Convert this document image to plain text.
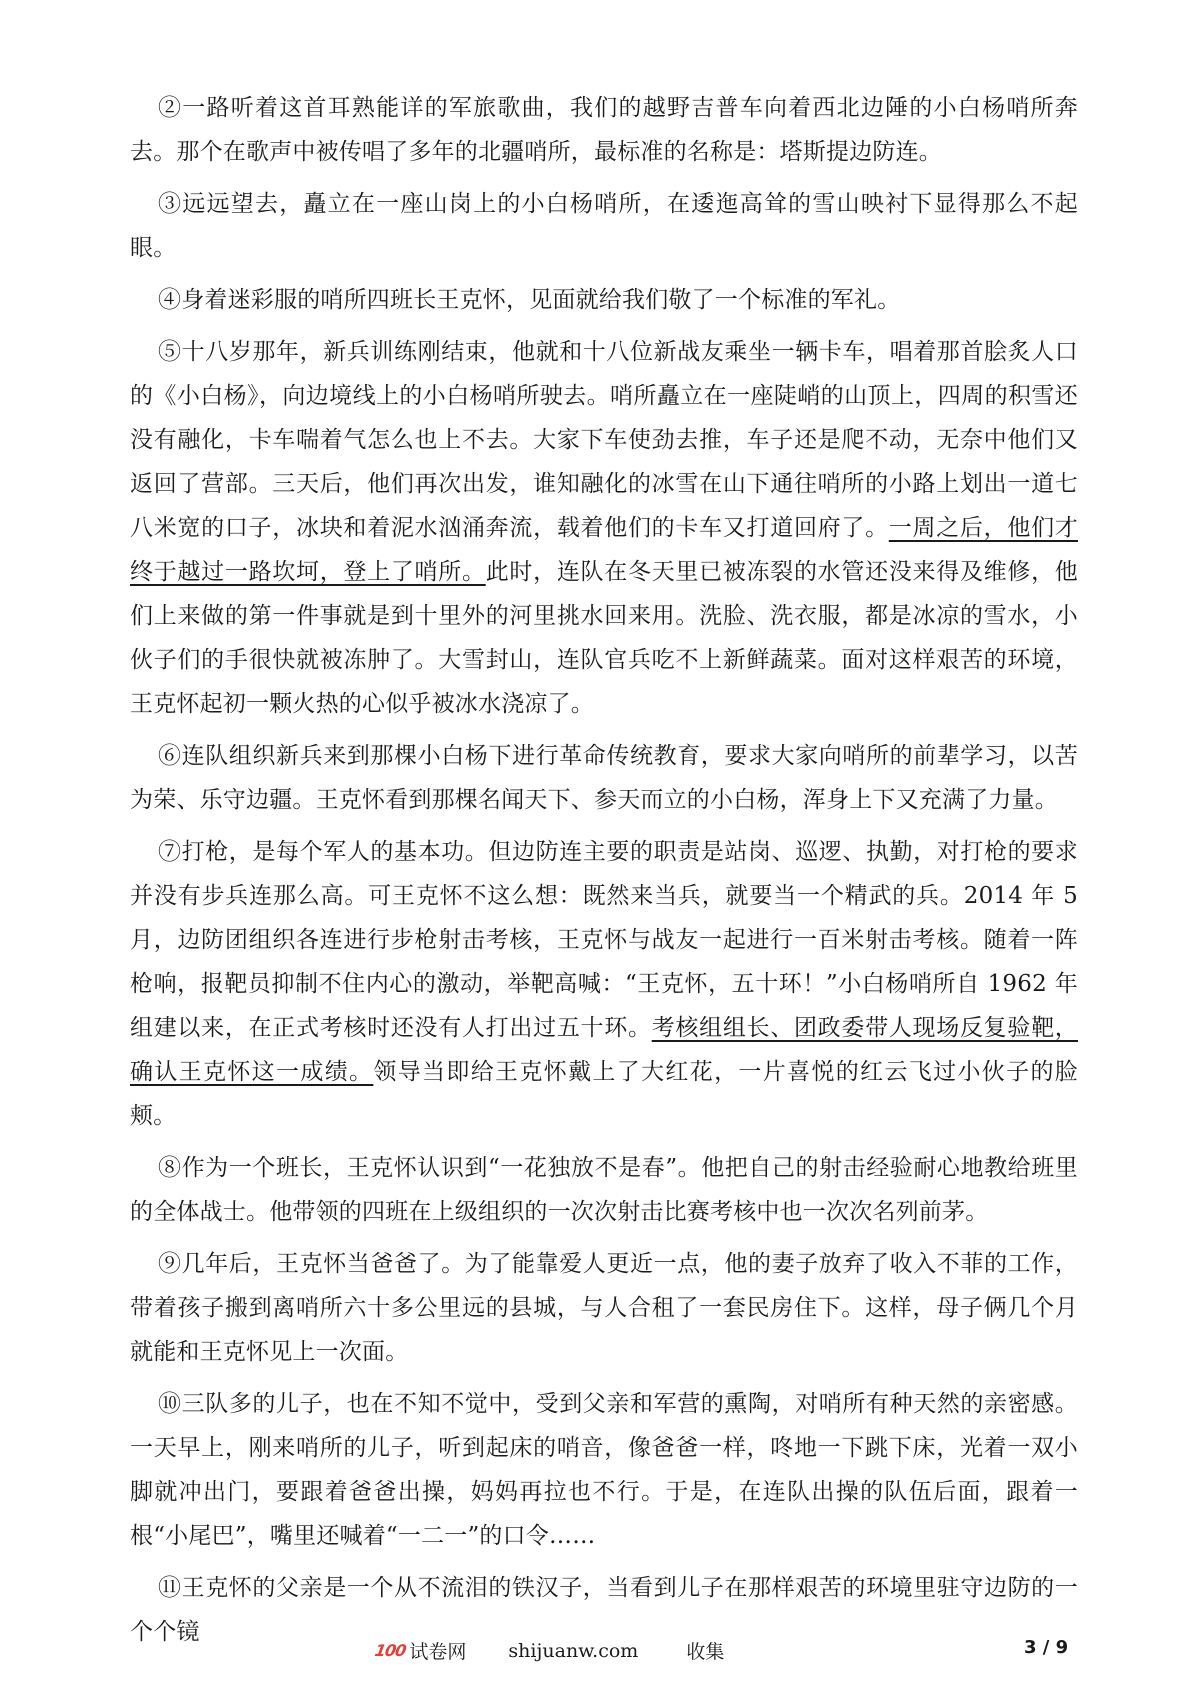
②一路听着这首耳熟能详的军旅歌曲，我们的越野吉普车向着西北边陲的小白杨哨所奔去。那个在歌声中被传唱了多年的北疆哨所，最标准的名称是：塔斯提边防连。

③远远望去，矗立在一座山岗上的小白杨哨所，在逶迤高耸的雪山映衬下显得那么不起眼。

④身着迷彩服的哨所四班长王克怀，见面就给我们敬了一个标准的军礼。

⑤十八岁那年，新兵训练刚结束，他就和十八位新战友乘坐一辆卡车，唱着那首脍炙人口的《小白杨》，向边境线上的小白杨哨所驶去。哨所矗立在一座陡峭的山顶上，四周的积雪还没有融化，卡车喘着气怎么也上不去。大家下车使劲去推，车子还是爬不动，无奈中他们又返回了营部。三天后，他们再次出发，谁知融化的冰雪在山下通往哨所的小路上划出一道七八米宽的口子，冰块和着泥水汹涌奔流，载着他们的卡车又打道回府了。一周之后，他们才终于越过一路坎坷，登上了哨所。此时，连队在冬天里已被冻裂的水管还没来得及维修，他们上来做的第一件事就是到十里外的河里挑水回来用。洗脸、洗衣服，都是冰凉的雪水，小伙子们的手很快就被冻肿了。大雪封山，连队官兵吃不上新鲜蔬菜。面对这样艰苦的环境，王克怀起初一颗火热的心似乎被冰水浇凉了。

⑥连队组织新兵来到那棵小白杨下进行革命传统教育，要求大家向哨所的前辈学习，以苦为荣、乐守边疆。王克怀看到那棵名闻天下、参天而立的小白杨，浑身上下又充满了力量。

⑦打枪，是每个军人的基本功。但边防连主要的职责是站岗、巡逻、执勤，对打枪的要求并没有步兵连那么高。可王克怀不这么想：既然来当兵，就要当一个精武的兵。2014 年 5 月，边防团组织各连进行步枪射击考核，王克怀与战友一起进行一百米射击考核。随着一阵枪响，报靶员抑制不住内心的激动，举靶高喊：“王克怀，五十环！”小白杨哨所自 1962 年组建以来，在正式考核时还没有人打出过五十环。考核组组长、团政委带人现场反复验靶，确认王克怀这一成绩。领导当即给王克怀戴上了大红花，一片喜悦的红云飞过小伙子的脸颊。

⑧作为一个班长，王克怀认识到“一花独放不是春”。他把自己的射击经验耐心地教给班里的全体战士。他带领的四班在上级组织的一次次射击比赛考核中也一次次名列前茅。

⑨几年后，王克怀当爸爸了。为了能靠爱人更近一点，他的妻子放弃了收入不菲的工作，带着孩子搬到离哨所六十多公里远的县城，与人合租了一套民房住下。这样，母子俩几个月就能和王克怀见上一次面。

⑩三队多的儿子，也在不知不觉中，受到父亲和军营的熏陶，对哨所有种天然的亲密感。一天早上，刚来哨所的儿子，听到起床的哨音，像爸爸一样，咚地一下跳下床，光着一双小脚就冲出门，要跟着爸爸出操，妈妈再拉也不行。于是，在连队出操的队伍后面，跟着一根“小尾巴”，嘴里还喊着“一二一”的口令……

⑪王克怀的父亲是一个从不流泪的铁汉子，当看到儿子在那样艰苦的环境里驻守边防的一个个镜

100 试卷网 shijuanw.com	收集	3 / 9
